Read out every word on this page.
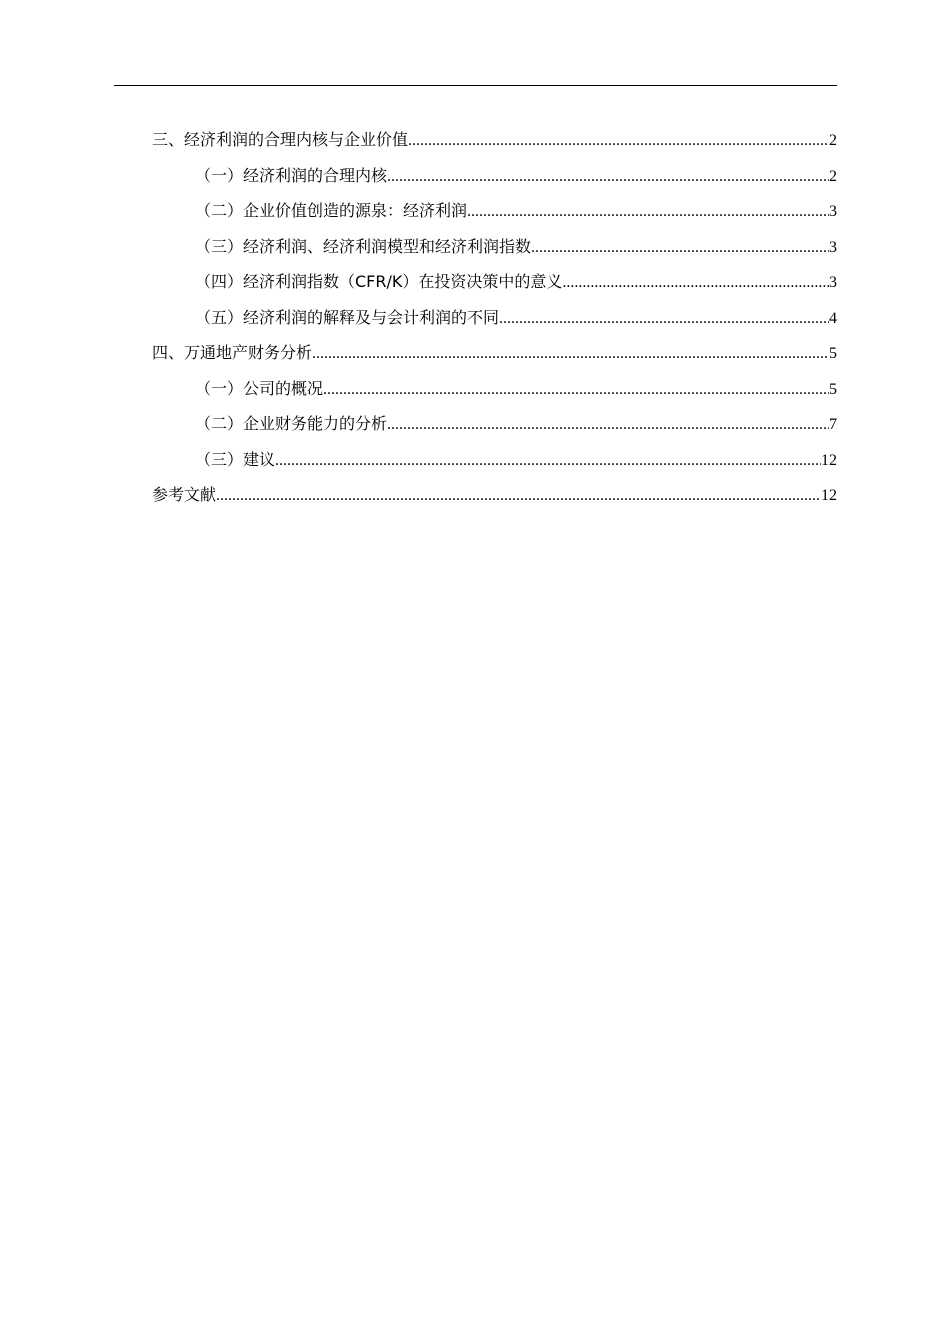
三、经济利润的合理内核与企业价值 .....	2
（一）经济利润的合理内核 .....	2
（二）企业价值创造的源泉：经济利润 .....	3
（三）经济利润、经济利润模型和经济利润指数 .....	3
（四）经济利润指数（CFR/K）在投资决策中的意义 .....	3
（五）经济利润的解释及与会计利润的不同 .....	4
四、万通地产财务分析 .....	5
（一）公司的概况 .....	5
（二）企业财务能力的分析 .....	7
（三）建议 .....	12
参考文献 .....	12
